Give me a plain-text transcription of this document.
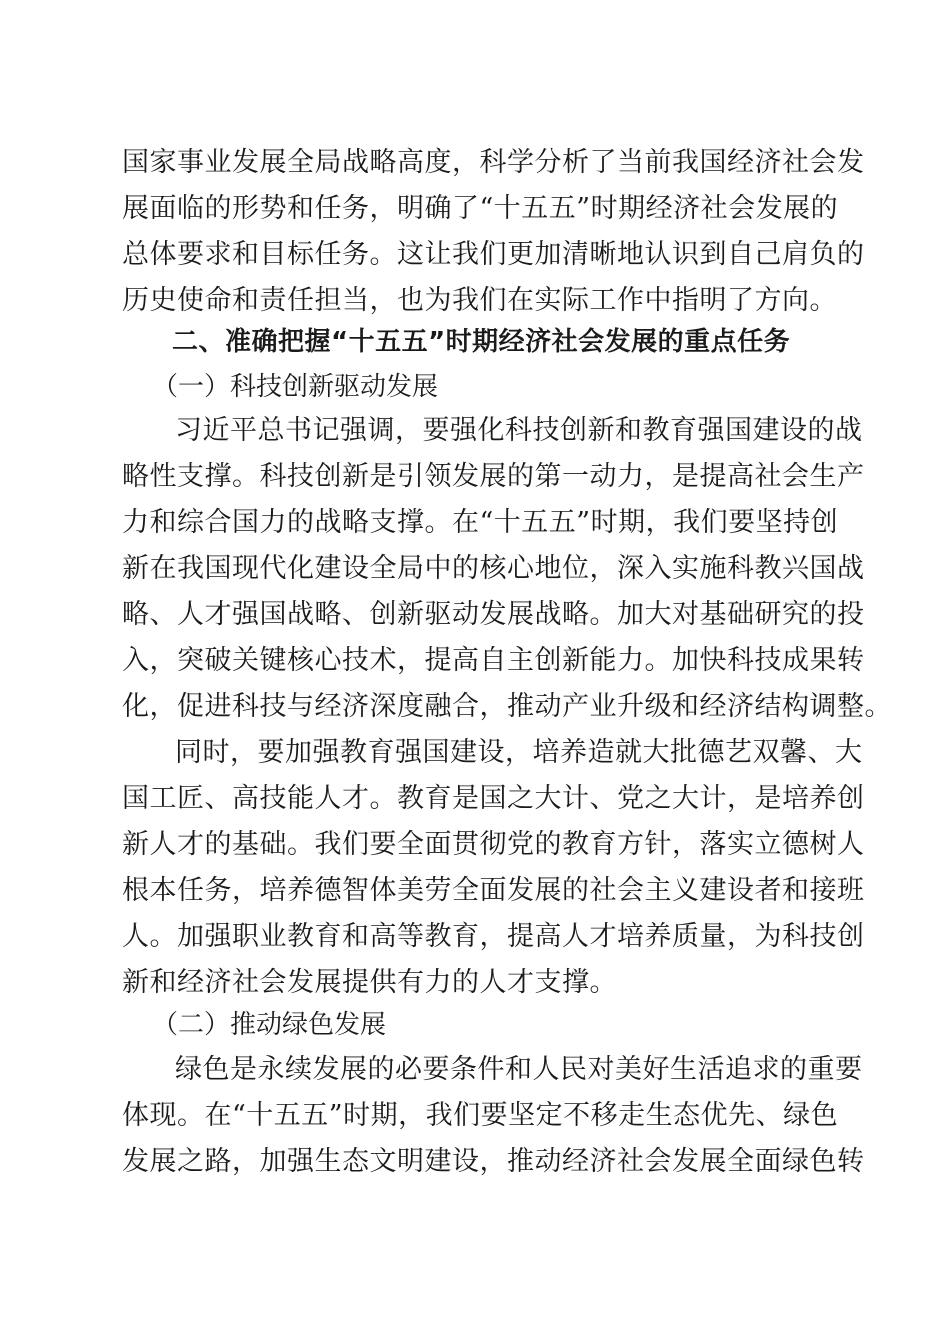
国家事业发展全局战略高度，科学分析了当前我国经济社会发
展面临的形势和任务，明确了“十五五”时期经济社会发展的
总体要求和目标任务。这让我们更加清晰地认识到自己肩负的
历史使命和责任担当，也为我们在实际工作中指明了方向。
二、准确把握“十五五”时期经济社会发展的重点任务
（一）科技创新驱动发展
习近平总书记强调，要强化科技创新和教育强国建设的战
略性支撑。科技创新是引领发展的第一动力，是提高社会生产
力和综合国力的战略支撑。在“十五五”时期，我们要坚持创
新在我国现代化建设全局中的核心地位，深入实施科教兴国战
略、人才强国战略、创新驱动发展战略。加大对基础研究的投
入，突破关键核心技术，提高自主创新能力。加快科技成果转
化，促进科技与经济深度融合，推动产业升级和经济结构调整。
同时，要加强教育强国建设，培养造就大批德艺双馨、大
国工匠、高技能人才。教育是国之大计、党之大计，是培养创
新人才的基础。我们要全面贯彻党的教育方针，落实立德树人
根本任务，培养德智体美劳全面发展的社会主义建设者和接班
人。加强职业教育和高等教育，提高人才培养质量，为科技创
新和经济社会发展提供有力的人才支撑。
（二）推动绿色发展
绿色是永续发展的必要条件和人民对美好生活追求的重要
体现。在“十五五”时期，我们要坚定不移走生态优先、绿色
发展之路，加强生态文明建设，推动经济社会发展全面绿色转
